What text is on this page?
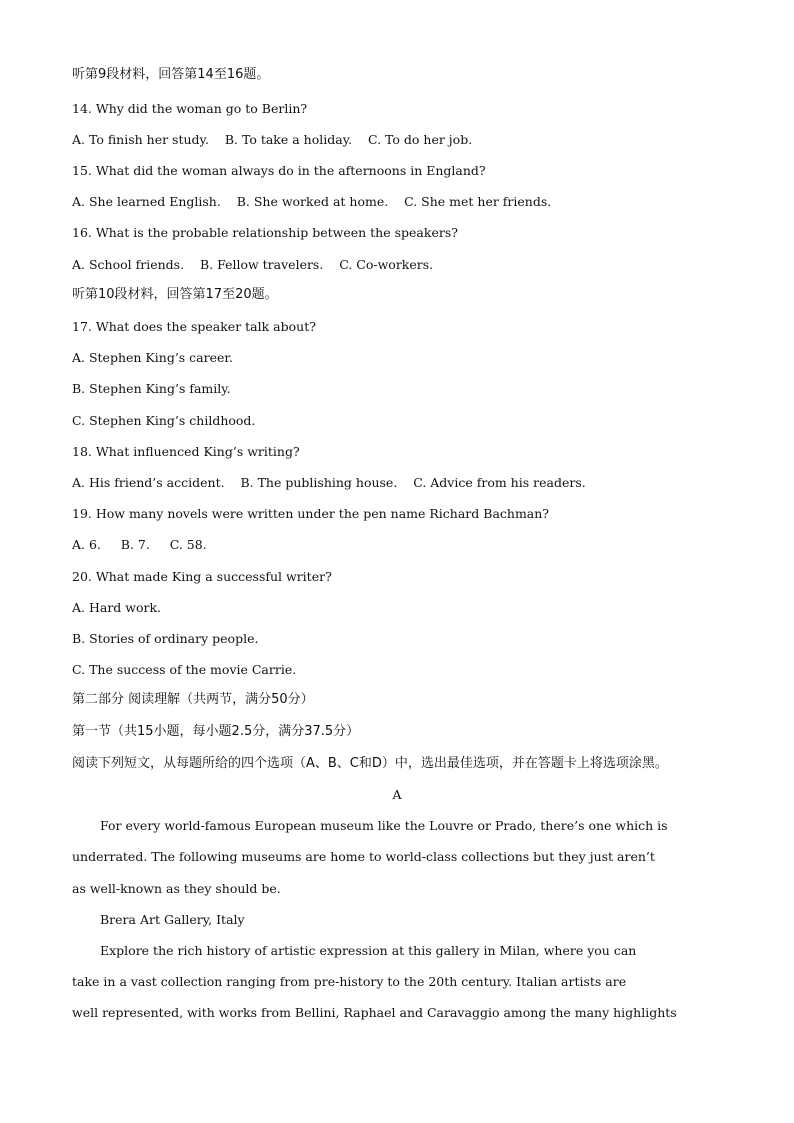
听第9段材料，回答第14至16题。
14. Why did the woman go to Berlin?
A. To finish her study.    B. To take a holiday.    C. To do her job.
15. What did the woman always do in the afternoons in England?
A. She learned English.    B. She worked at home.    C. She met her friends.
16. What is the probable relationship between the speakers?
A. School friends.    B. Fellow travelers.    C. Co-workers.
听第10段材料，回答第17至20题。
17. What does the speaker talk about?
A. Stephen King’s career.
B. Stephen King’s family.
C. Stephen King’s childhood.
18. What influenced King’s writing?
A. His friend’s accident.    B. The publishing house.    C. Advice from his readers.
19. How many novels were written under the pen name Richard Bachman?
A. 6.     B. 7.     C. 58.
20. What made King a successful writer?
A. Hard work.
B. Stories of ordinary people.
C. The success of the movie Carrie.
第二部分 阅读理解（共两节，满分50分）
第一节（共15小题，每小题2.5分，满分37.5分）
阅读下列短文，从每题所给的四个选项（A、B、C和D）中，选出最佳选项，并在答题卡上将选项涂黑。
A
For every world-famous European museum like the Louvre or Prado, there’s one which is
underrated. The following museums are home to world-class collections but they just aren’t
as well-known as they should be.
Brera Art Gallery, Italy
Explore the rich history of artistic expression at this gallery in Milan, where you can
take in a vast collection ranging from pre-history to the 20th century. Italian artists are
well represented, with works from Bellini, Raphael and Caravaggio among the many highlights
